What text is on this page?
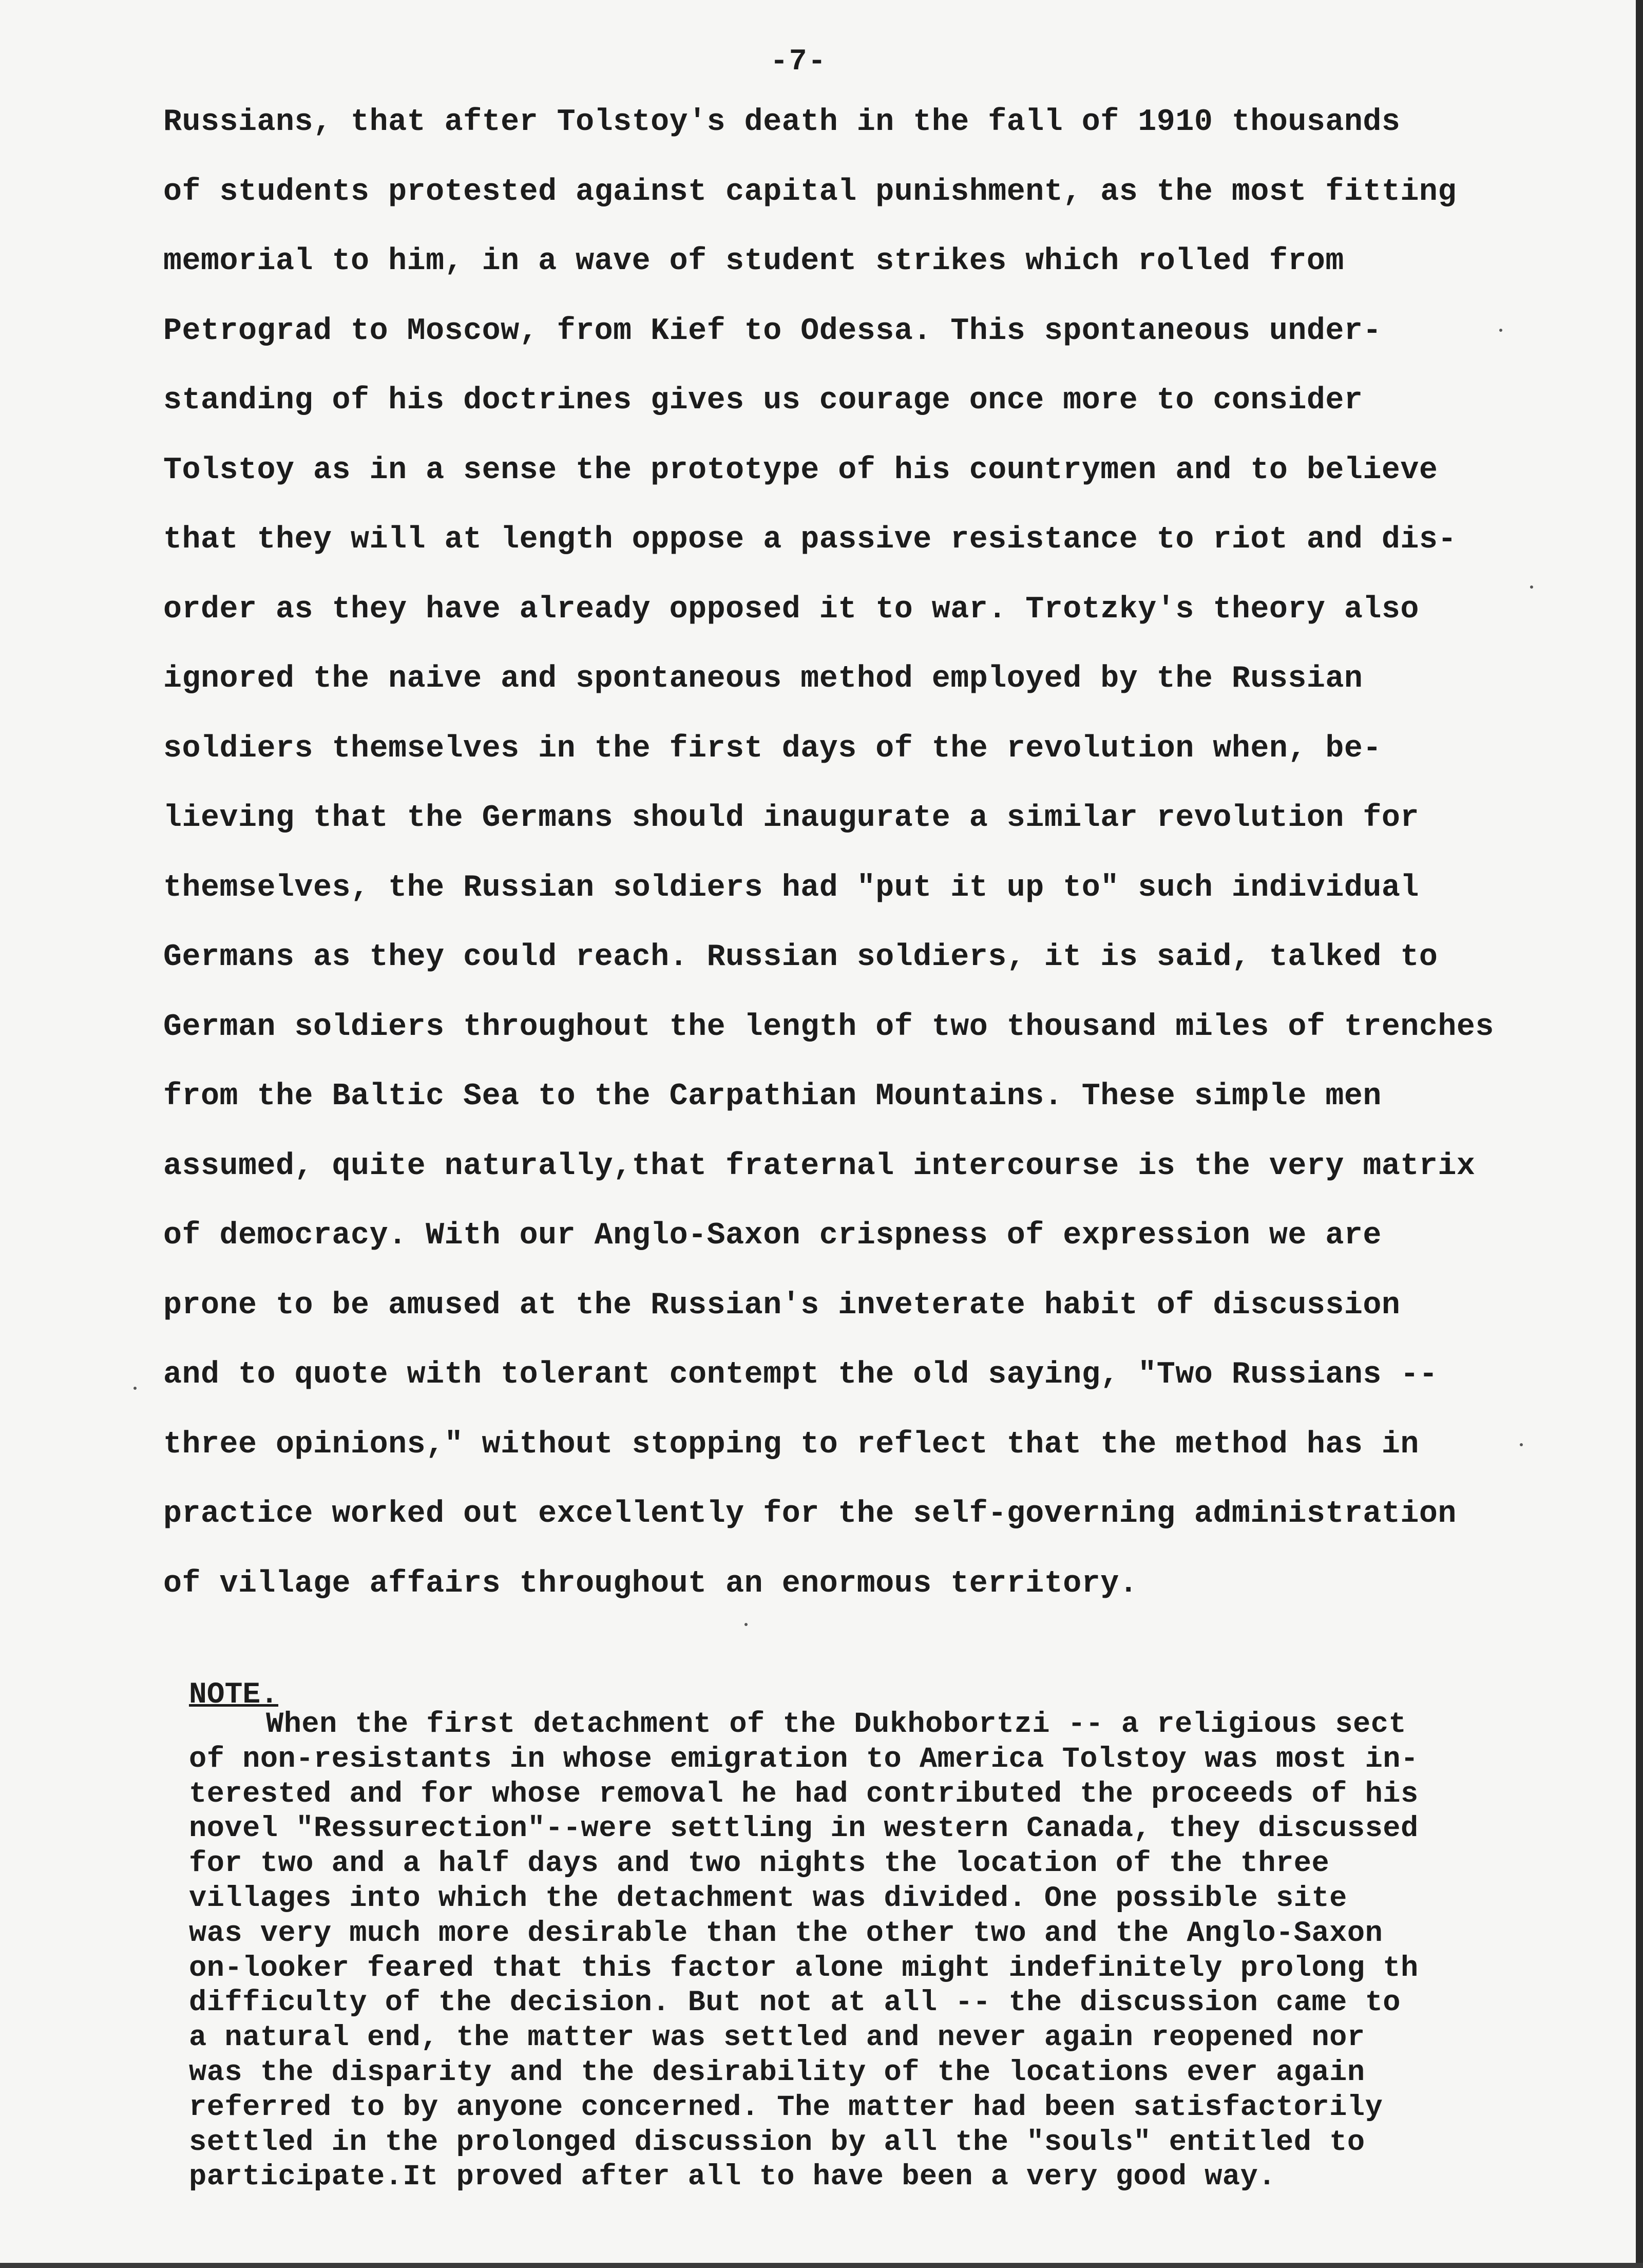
-7-
Russians, that after Tolstoy's death in the fall of 1910 thousands
of students protested against capital punishment, as the most fitting
memorial to him, in a wave of student strikes which rolled from
Petrograd to Moscow, from Kief to Odessa. This spontaneous under-
standing of his doctrines gives us courage once more to consider
Tolstoy as in a sense the prototype of his countrymen and to believe
that they will at length oppose a passive resistance to riot and dis-
order as they have already opposed it to war. Trotzky's theory also
ignored the naive and spontaneous method employed by the Russian
soldiers themselves in the first days of the revolution when, be-
lieving that the Germans should inaugurate a similar revolution for
themselves, the Russian soldiers had "put it up to" such individual
Germans as they could reach. Russian soldiers, it is said, talked to
German soldiers throughout the length of two thousand miles of trenches
from the Baltic Sea to the Carpathian Mountains. These simple men
assumed, quite naturally,that fraternal intercourse is the very matrix
of democracy. With our Anglo-Saxon crispness of expression we are
prone to be amused at the Russian's inveterate habit of discussion
and to quote with tolerant contempt the old saying, "Two Russians --
three opinions," without stopping to reflect that the method has in
practice worked out excellently for the self-governing administration
of village affairs throughout an enormous territory.
NOTE.
When the first detachment of the Dukhobortzi -- a religious sect
of non-resistants in whose emigration to America Tolstoy was most in-
terested and for whose removal he had contributed the proceeds of his
novel "Ressurection"--were settling in western Canada, they discussed
for two and a half days and two nights the location of the three
villages into which the detachment was divided. One possible site
was very much more desirable than the other two and the Anglo-Saxon
on-looker feared that this factor alone might indefinitely prolong th
difficulty of the decision. But not at all -- the discussion came to
a natural end, the matter was settled and never again reopened nor
was the disparity and the desirability of the locations ever again
referred to by anyone concerned. The matter had been satisfactorily
settled in the prolonged discussion by all the "souls" entitled to
participate.It proved after all to have been a very good way.
